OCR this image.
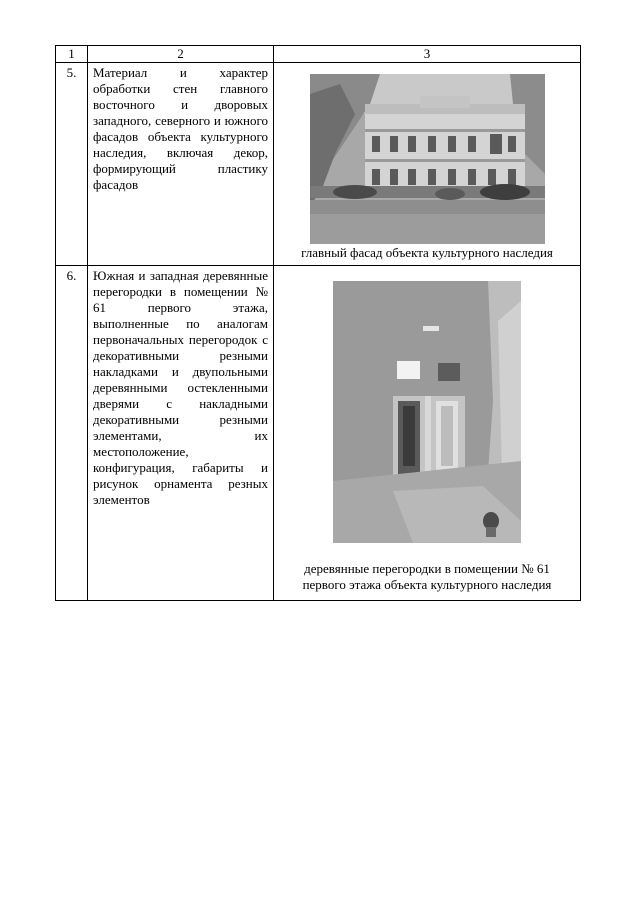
1	2	3
5.	Материал и характер обработки стен главного восточного и дворовых западного, северного и южного фасадов объекта культурного наследия, включая декор, формирующий пластику фасадов	главный фасад объекта культурного наследия

6.	Южная и западная деревянные перегородки в помещении № 61 первого этажа, выполненные по аналогам первоначальных перегородок с декоративными резными накладками и двупольными деревянными остекленными дверями с накладными декоративными резными элементами, их местоположение, конфигурация, габариты и рисунок орнамента резных элементов	деревянные перегородки в помещении № 61
первого этажа объекта культурного наследия
